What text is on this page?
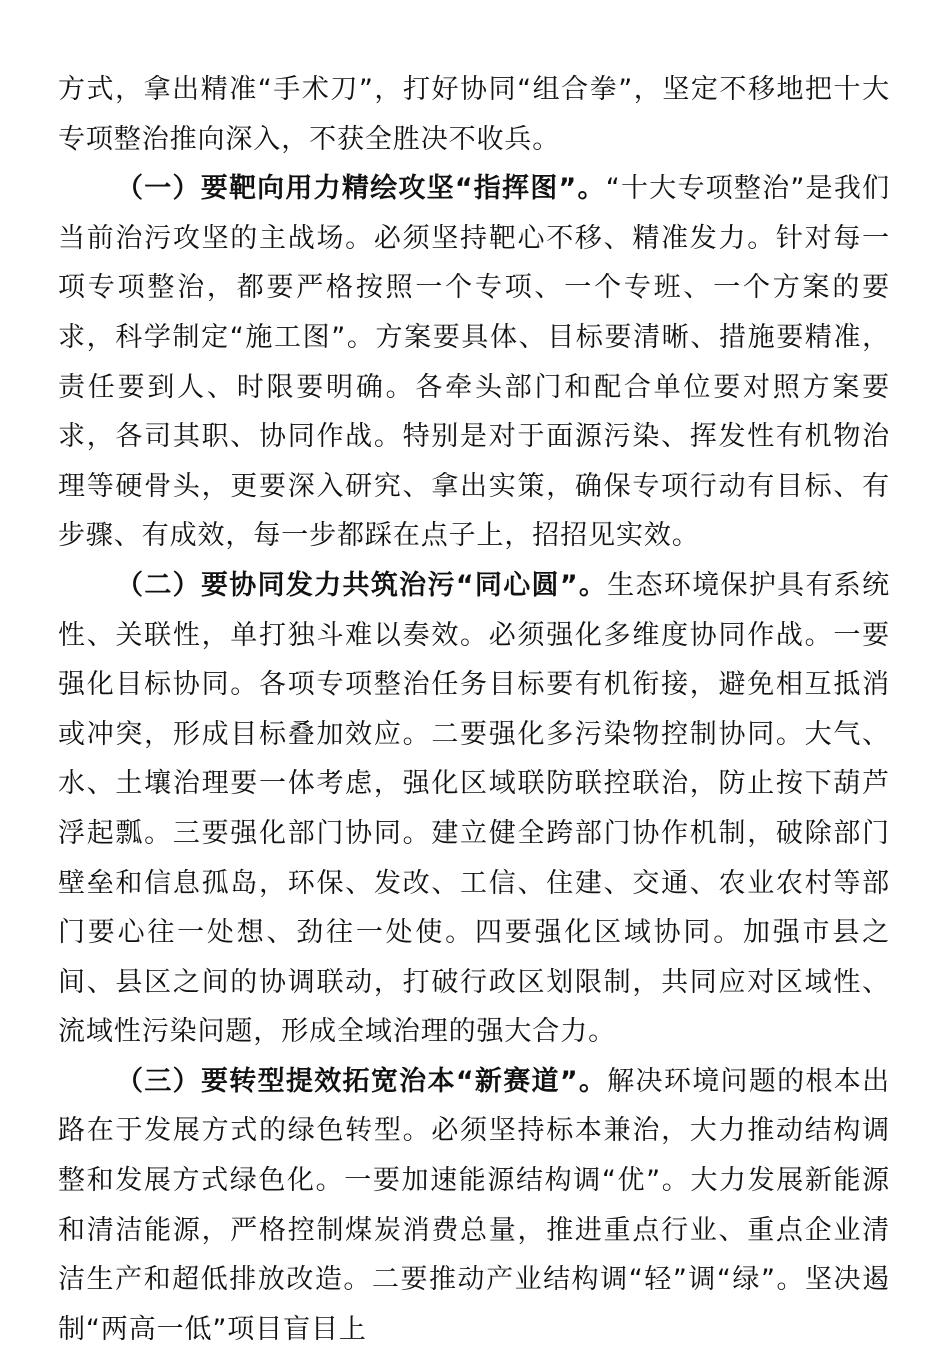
方式，拿出精准“手术刀”，打好协同“组合拳”，坚定不移地把十大专项整治推向深入，不获全胜决不收兵。

（一）要靶向用力精绘攻坚“指挥图”。“十大专项整治”是我们当前治污攻坚的主战场。必须坚持靶心不移、精准发力。针对每一项专项整治，都要严格按照一个专项、一个专班、一个方案的要求，科学制定“施工图”。方案要具体、目标要清晰、措施要精准，责任要到人、时限要明确。各牵头部门和配合单位要对照方案要求，各司其职、协同作战。特别是对于面源污染、挥发性有机物治理等硬骨头，更要深入研究、拿出实策，确保专项行动有目标、有步骤、有成效，每一步都踩在点子上，招招见实效。

（二）要协同发力共筑治污“同心圆”。生态环境保护具有系统性、关联性，单打独斗难以奏效。必须强化多维度协同作战。一要强化目标协同。各项专项整治任务目标要有机衔接，避免相互抵消或冲突，形成目标叠加效应。二要强化多污染物控制协同。大气、水、土壤治理要一体考虑，强化区域联防联控联治，防止按下葫芦浮起瓢。三要强化部门协同。建立健全跨部门协作机制，破除部门壁垒和信息孤岛，环保、发改、工信、住建、交通、农业农村等部门要心往一处想、劲往一处使。四要强化区域协同。加强市县之间、县区之间的协调联动，打破行政区划限制，共同应对区域性、流域性污染问题，形成全域治理的强大合力。

（三）要转型提效拓宽治本“新赛道”。解决环境问题的根本出路在于发展方式的绿色转型。必须坚持标本兼治，大力推动结构调整和发展方式绿色化。一要加速能源结构调“优”。大力发展新能源和清洁能源，严格控制煤炭消费总量，推进重点行业、重点企业清洁生产和超低排放改造。二要推动产业结构调“轻”调“绿”。坚决遏制“两高一低”项目盲目上
